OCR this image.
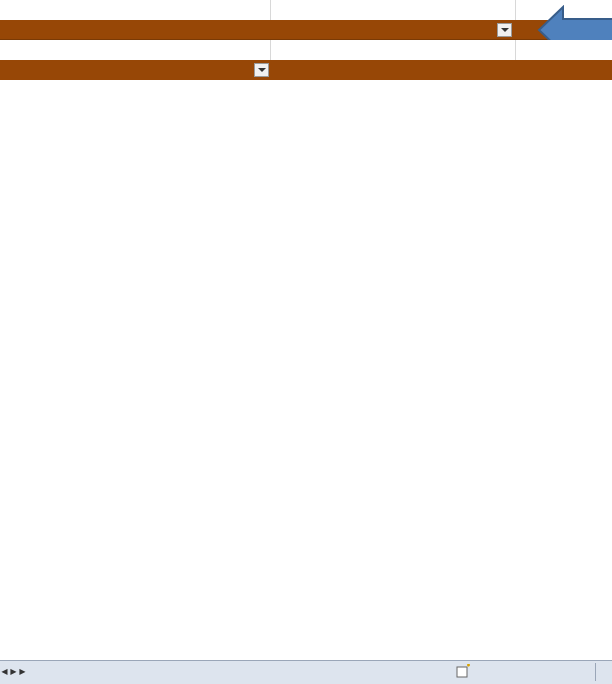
◀ ▶ ▶
